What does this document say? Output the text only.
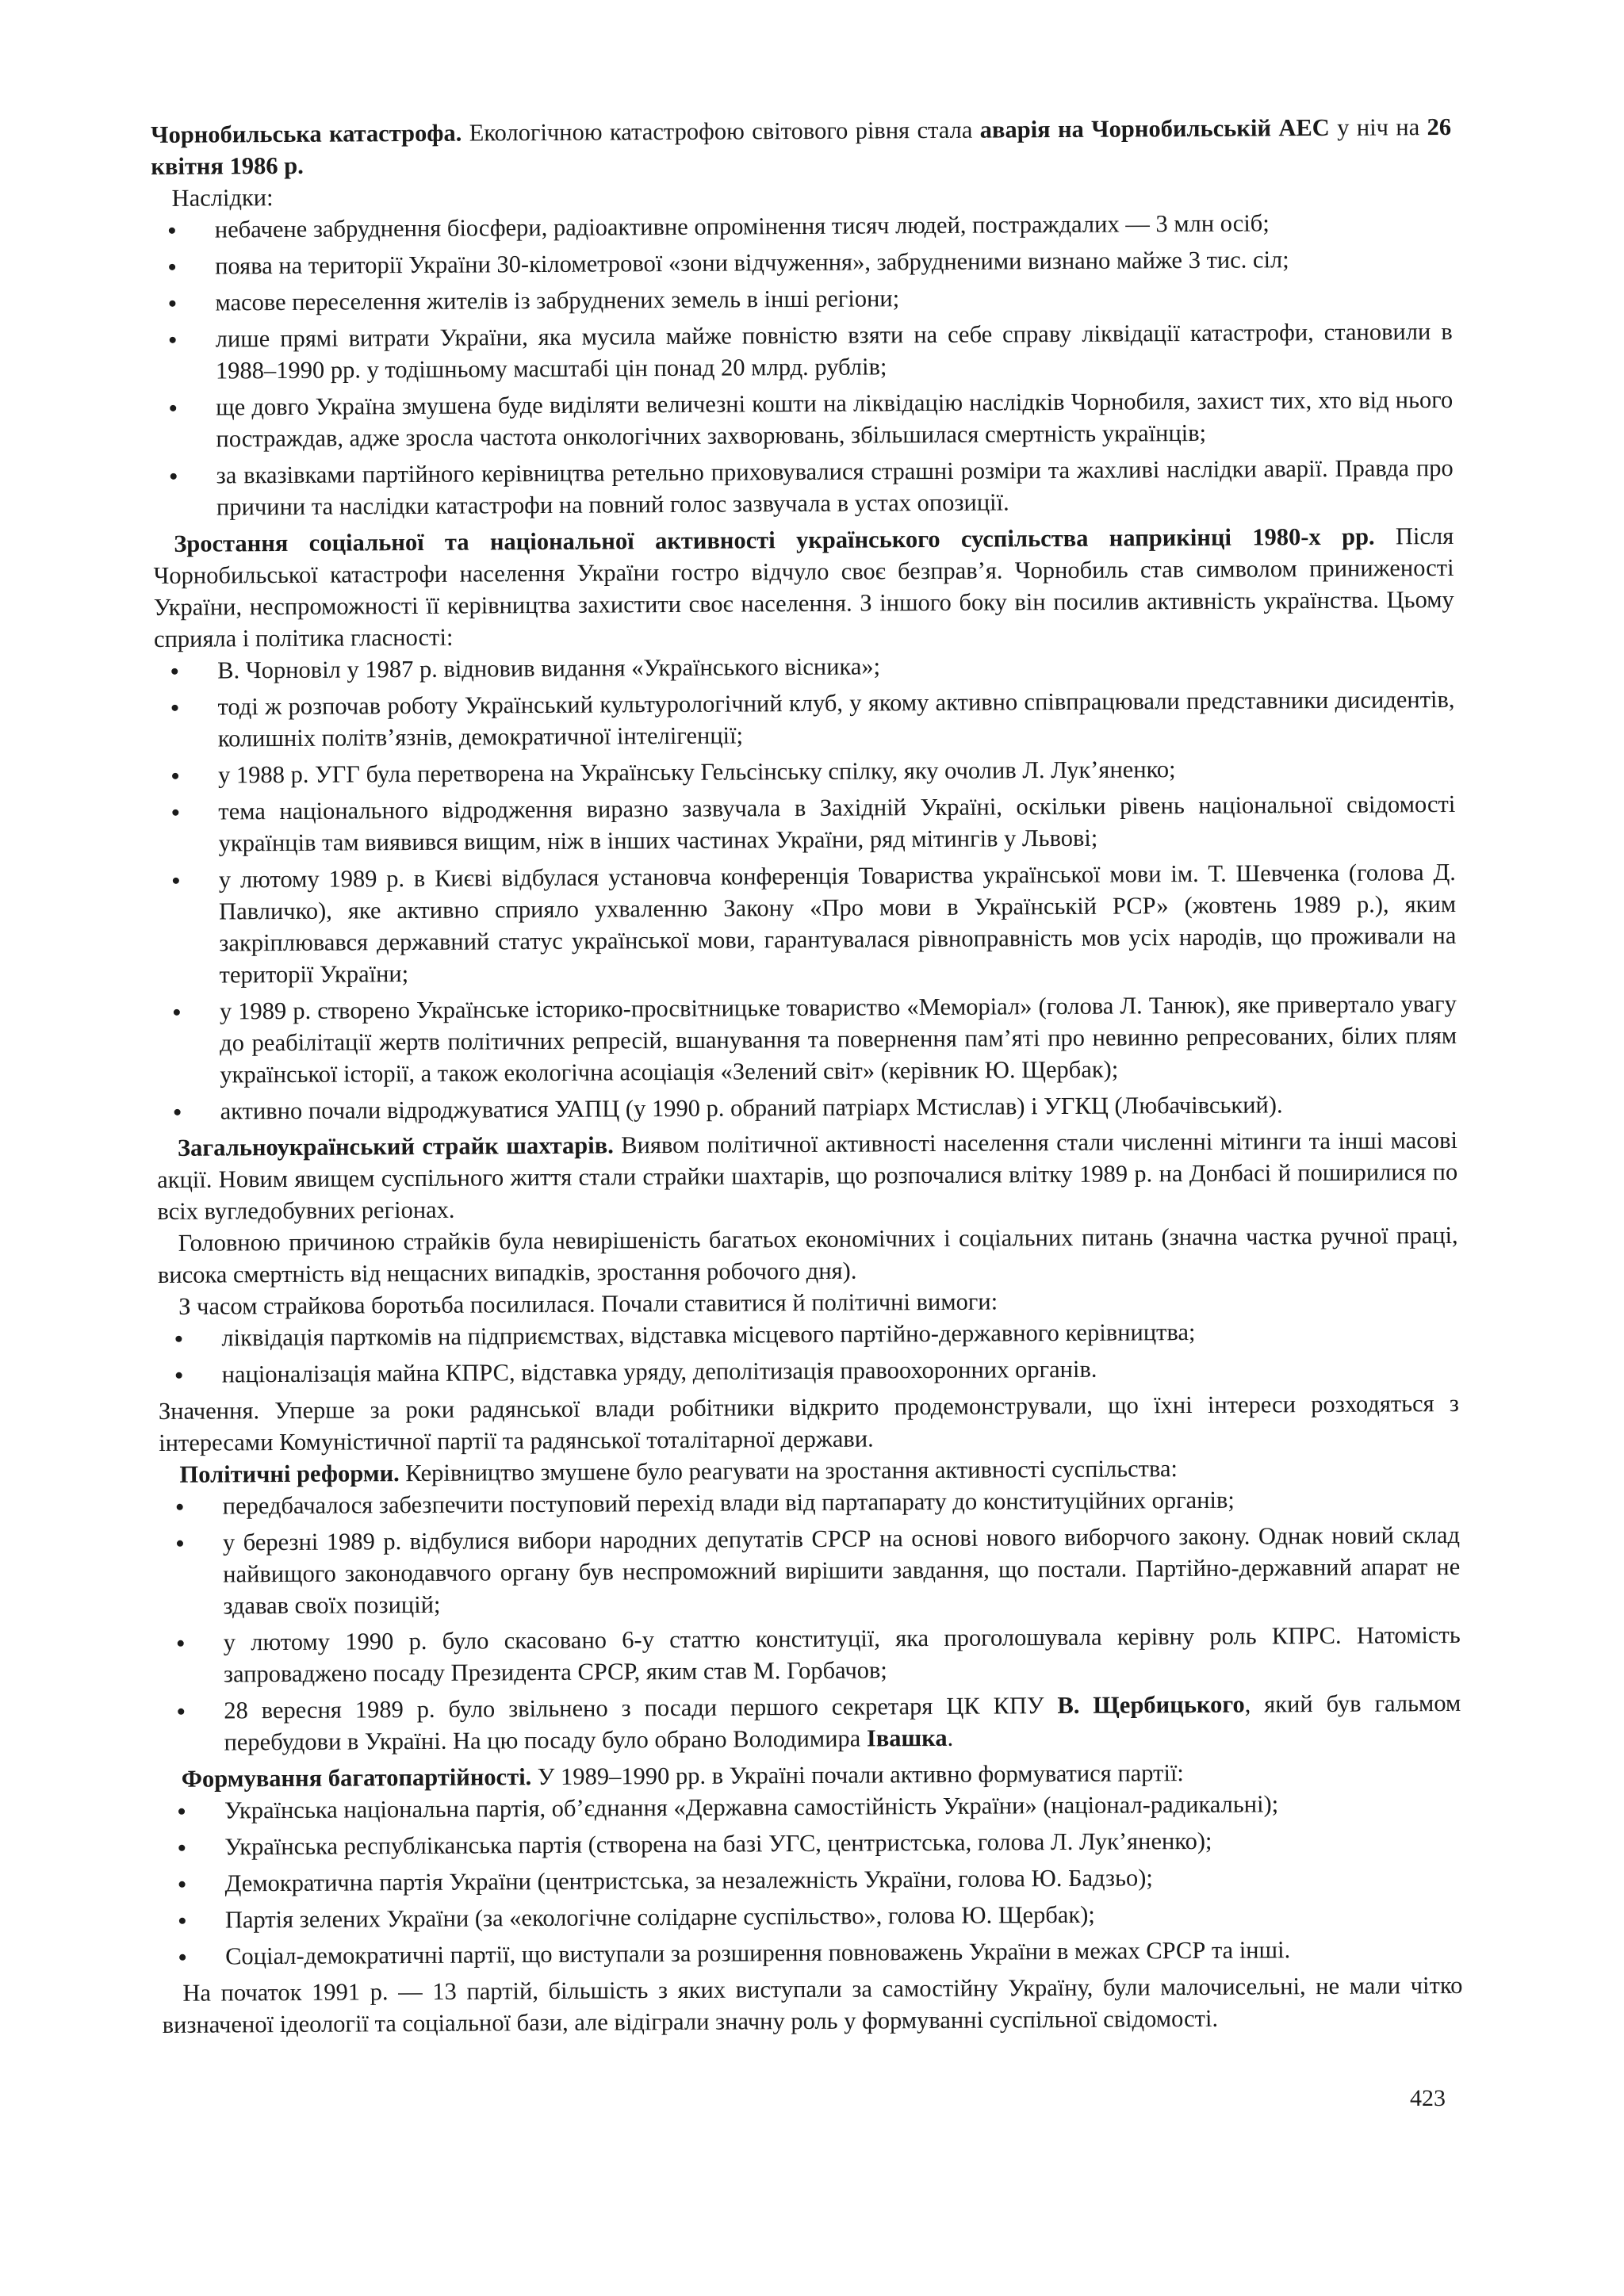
Чорнобильська катастрофа. Екологічною катастрофою світового рівня стала аварія на Чорнобильській АЕС у ніч на 26 квітня 1986 р.

Наслідки:

небачене забруднення біосфери, радіоактивне опромінення тисяч людей, постраждалих — 3 млн осіб;
поява на території України 30-кілометрової «зони відчуження», забрудненими визнано майже 3 тис. сіл;
масове переселення жителів із забруднених земель в інші регіони;
лише прямі витрати України, яка мусила майже повністю взяти на себе справу ліквідації катастрофи, становили в 1988–1990 рр. у тодішньому масштабі цін понад 20 млрд. рублів;
ще довго Україна змушена буде виділяти величезні кошти на ліквідацію наслідків Чорнобиля, захист тих, хто від нього постраждав, адже зросла частота онкологічних захворювань, збільшилася смертність українців;
за вказівками партійного керівництва ретельно приховувалися страшні розміри та жахливі наслідки аварії. Правда про причини та наслідки катастрофи на повний голос зазвучала в устах опозиції.

Зростання соціальної та національної активності українського суспільства наприкінці 1980-х рр. Після Чорнобильської катастрофи населення України гостро відчуло своє безправ’я. Чорнобиль став символом приниженості України, неспроможності її керівництва захистити своє населення. З іншого боку він посилив активність українства. Цьому сприяла і політика гласності:

В. Чорновіл у 1987 р. відновив видання «Українського вісника»;
тоді ж розпочав роботу Український культурологічний клуб, у якому активно співпрацювали представники дисидентів, колишніх політв’язнів, демократичної інтелігенції;
у 1988 р. УГГ була перетворена на Українську Гельсінську спілку, яку очолив Л. Лук’яненко;
тема національного відродження виразно зазвучала в Західній Україні, оскільки рівень національної свідомості українців там виявився вищим, ніж в інших частинах України, ряд мітингів у Львові;
у лютому 1989 р. в Києві відбулася установча конференція Товариства української мови ім. Т. Шевченка (голова Д. Павличко), яке активно сприяло ухваленню Закону «Про мови в Українській РСР» (жовтень 1989 р.), яким закріплювався державний статус української мови, гарантувалася рівноправність мов усіх народів, що проживали на території України;
у 1989 р. створено Українське історико-просвітницьке товариство «Меморіал» (голова Л. Танюк), яке привертало увагу до реабілітації жертв політичних репресій, вшанування та повернення пам’яті про невинно репресованих, білих плям української історії, а також екологічна асоціація «Зелений світ» (керівник Ю. Щербак);
активно почали відроджуватися УАПЦ (у 1990 р. обраний патріарх Мстислав) і УГКЦ (Любачівський).

Загальноукраїнський страйк шахтарів. Виявом політичної активності населення стали численні мітинги та інші масові акції. Новим явищем суспільного життя стали страйки шахтарів, що розпочалися влітку 1989 р. на Донбасі й поширилися по всіх вугледобувних регіонах.

Головною причиною страйків була невирішеність багатьох економічних і соціальних питань (значна частка ручної праці, висока смертність від нещасних випадків, зростання робочого дня).

З часом страйкова боротьба посилилася. Почали ставитися й політичні вимоги:

ліквідація парткомів на підприємствах, відставка місцевого партійно-державного керівництва;
націоналізація майна КПРС, відставка уряду, деполітизація правоохоронних органів.

Значення. Уперше за роки радянської влади робітники відкрито продемонстрували, що їхні інтереси розходяться з інтересами Комуністичної партії та радянської тоталітарної держави.

Політичні реформи. Керівництво змушене було реагувати на зростання активності суспільства:

передбачалося забезпечити поступовий перехід влади від партапарату до конституційних органів;
у березні 1989 р. відбулися вибори народних депутатів СРСР на основі нового виборчого закону. Однак новий склад найвищого законодавчого органу був неспроможний вирішити завдання, що постали. Партійно-державний апарат не здавав своїх позицій;
у лютому 1990 р. було скасовано 6-у статтю конституції, яка проголошувала керівну роль КПРС. Натомість запроваджено посаду Президента СРСР, яким став М. Горбачов;
28 вересня 1989 р. було звільнено з посади першого секретаря ЦК КПУ В. Щербицького, який був гальмом перебудови в Україні. На цю посаду було обрано Володимира Івашка.

Формування багатопартійності. У 1989–1990 рр. в Україні почали активно формуватися партії:

Українська національна партія, об’єднання «Державна самостійність України» (націонал-радикальні);
Українська республіканська партія (створена на базі УГС, центристська, голова Л. Лук’яненко);
Демократична партія України (центристська, за незалежність України, голова Ю. Бадзьо);
Партія зелених України (за «екологічне солідарне суспільство», голова Ю. Щербак);
Соціал-демократичні партії, що виступали за розширення повноважень України в межах СРСР та інші.

На початок 1991 р. — 13 партій, більшість з яких виступали за самостійну Україну, були малочисельні, не мали чітко визначеної ідеології та соціальної бази, але відіграли значну роль у формуванні суспільної свідомості.

423
